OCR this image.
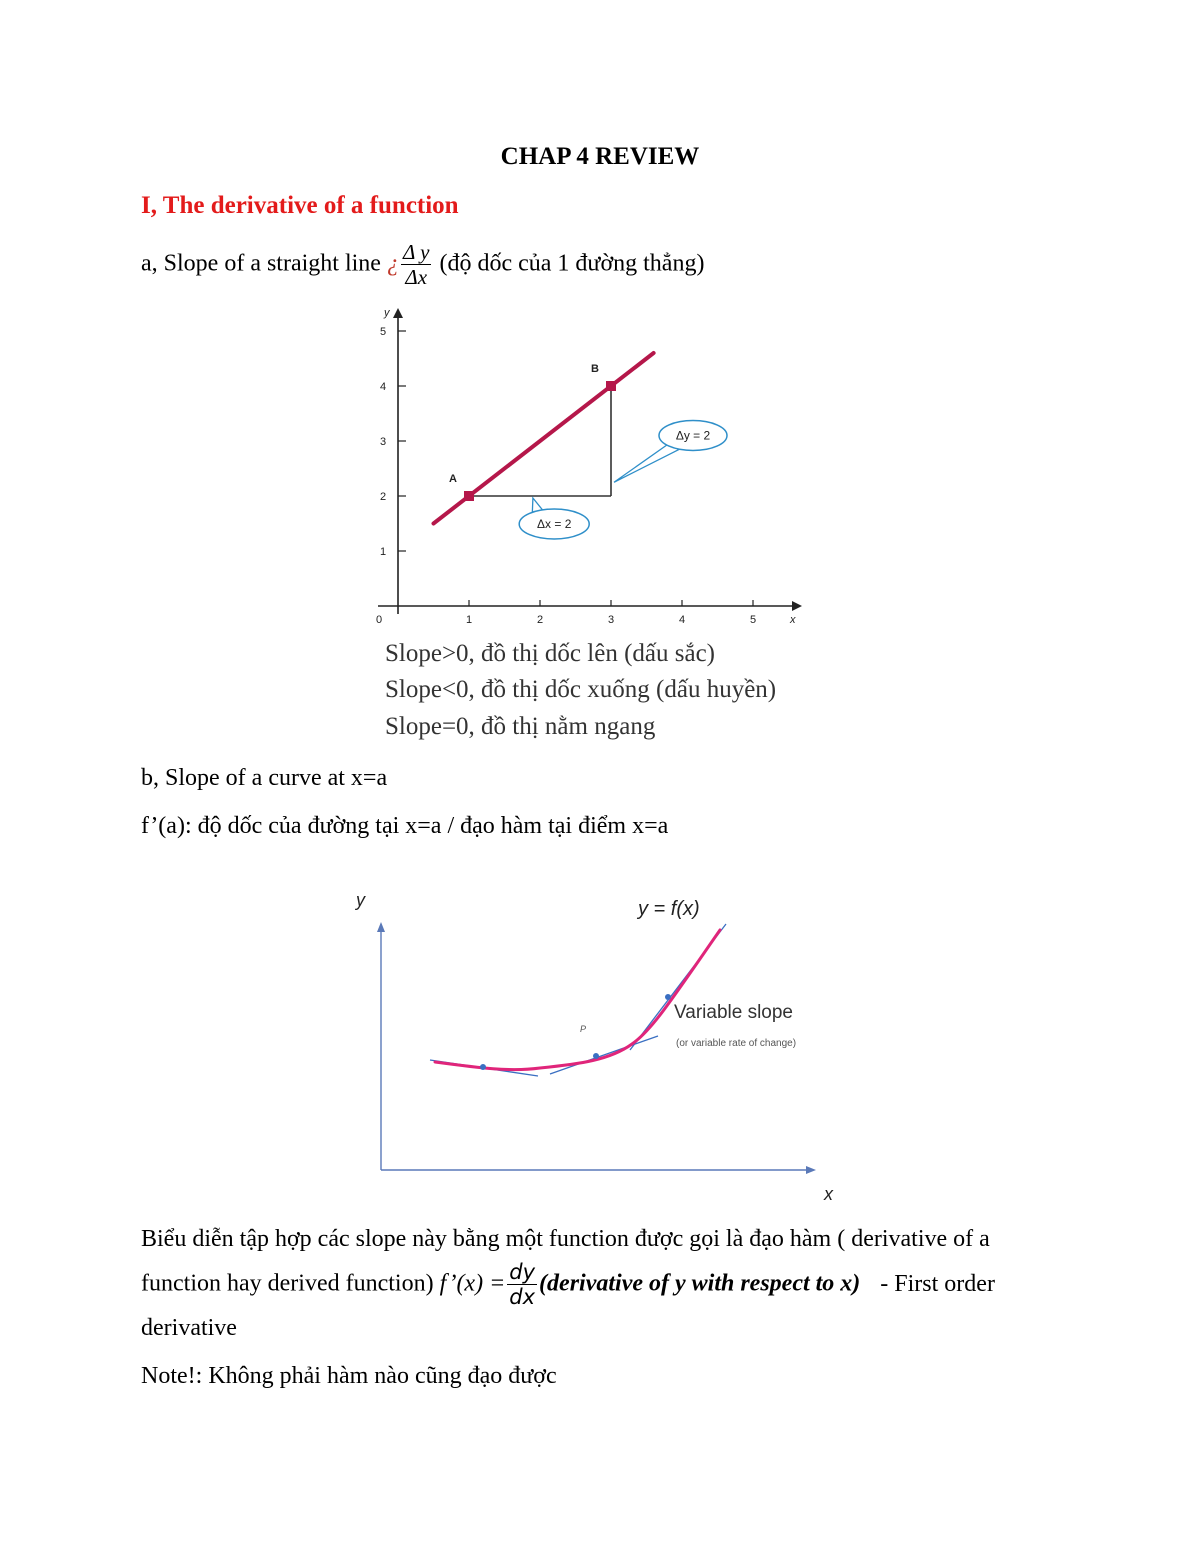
CHAP 4 REVIEW
I, The derivative of a function
a, Slope of a straight line ¿ $\frac{\text{Δ y}}{\Delta x}$ (độ dốc của 1 đường thẳng)
y
x
1
2
3
4
5
0	1	2	3	4	5
A
B
Δy = 2
Δx = 2
Slope>0, đồ thị dốc lên (dấu sắc)
Slope<0, đồ thị dốc xuống (dấu huyền)
Slope=0, đồ thị nằm ngang
b, Slope of a curve at x=a
f’(a): độ dốc của đường tại x=a / đạo hàm tại điểm x=a
y
x
y = f(x)
P
Variable slope
(or variable rate of change)
Biểu diễn tập hợp các slope này bằng một function được gọi là đạo hàm ( derivative of a
function hay derived function) f’(x) = $\frac{dy}{dx}$ (derivative of y with respect to x) - First order
derivative
Note!: Không phải hàm nào cũng đạo được
